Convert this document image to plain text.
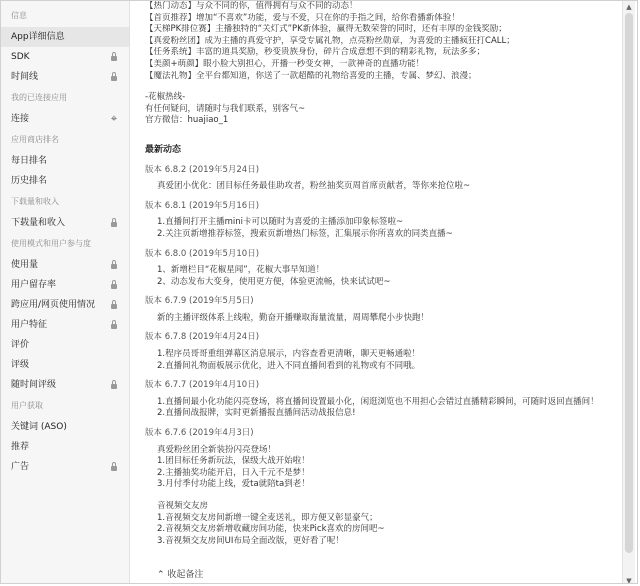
信息
App详细信息
SDK
时间线
我的已连接应用
连接	⌖
应用商店排名
每日排名
历史排名
下载量和收入
下载量和收入
使用模式和用户参与度
使用量
用户留存率
跨应用/网页使用情况
用户特征
评价
评级
随时间评级
用户获取
关键词 (ASO)
推荐
广告

【热门动态】与众不同的你，值得拥有与众不同的动态！

【首页推荐】增加“不喜欢”功能，爱与不爱，只在你的手指之间，给你看播新体验！

【天梯PK排位赛】主播独特的“关灯式”PK新体验，赢得无数荣誉的同时，还有丰厚的金钱奖励；

【真爱粉丝团】成为主播的真爱守护，享受专属礼物，点亮粉丝勋章，为喜爱的主播疯狂打CALL；

【任务系统】丰富的道具奖励，秒变贵族身份，碎片合成意想不到的精彩礼物，玩法多多；

【美颜+萌颜】眼小脸大别担心，开播一秒变女神，一款神奇的直播功能！

【魔法礼物】全平台都知道，你送了一款超酷的礼物给喜爱的主播，专属、梦幻、浪漫；

-花椒热线-

有任何疑问，请随时与我们联系，别客气~

官方微信：huajiao_1

最新动态
版本 6.8.2 (2019年5月24日)

真爱团小优化：团目标任务最佳助攻者，粉丝抽奖页周首席贡献者，等你来抢位啦~

版本 6.8.1 (2019年5月16日)

1.直播间打开主播mini卡可以随时为喜爱的主播添加印象标签啦~

2.关注页新增推荐标签，搜索页新增热门标签，汇集展示你所喜欢的同类直播~

版本 6.8.0 (2019年5月10日)

1、新增栏目“花椒星闻”，花椒大事早知道！

2、动态发布大变身，使用更方便，体验更流畅，快来试试吧~

版本 6.7.9 (2019年5月5日)

新的主播评级体系上线啦，勤奋开播赚取海量流量，周周攀爬小步快跑！

版本 6.7.8 (2019年4月24日)

1.程序员哥哥重组弹幕区消息展示，内容查看更清晰，聊天更畅通啦！

2.直播间礼物面板展示优化，进入不同直播间看到的礼物或有不同哦。

版本 6.7.7 (2019年4月10日)

1.直播间最小化功能闪亮登场，将直播间设置最小化，闲逛浏览也不用担心会错过直播精彩瞬间，可随时返回直播间！

2.直播间战报牌，实时更新播报直播间活动战报信息!

版本 6.7.6 (2019年4月3日)

真爱粉丝团全新装扮闪亮登场！

1.团目标任务新玩法，保级大战开始啦！

2.主播抽奖功能开启，日入千元不是梦！

3.月付季付功能上线，爱ta就陪ta到老！

音视频交友房

1.音视频交友房间新增一键全麦送礼，即方便又彰显豪气；

2.音视频交友房新增收藏房间功能，快来Pick喜欢的房间吧~

3.音视频交友房间UI布局全面改版，更好看了呢！

⌃ 收起备注
▲
▼
